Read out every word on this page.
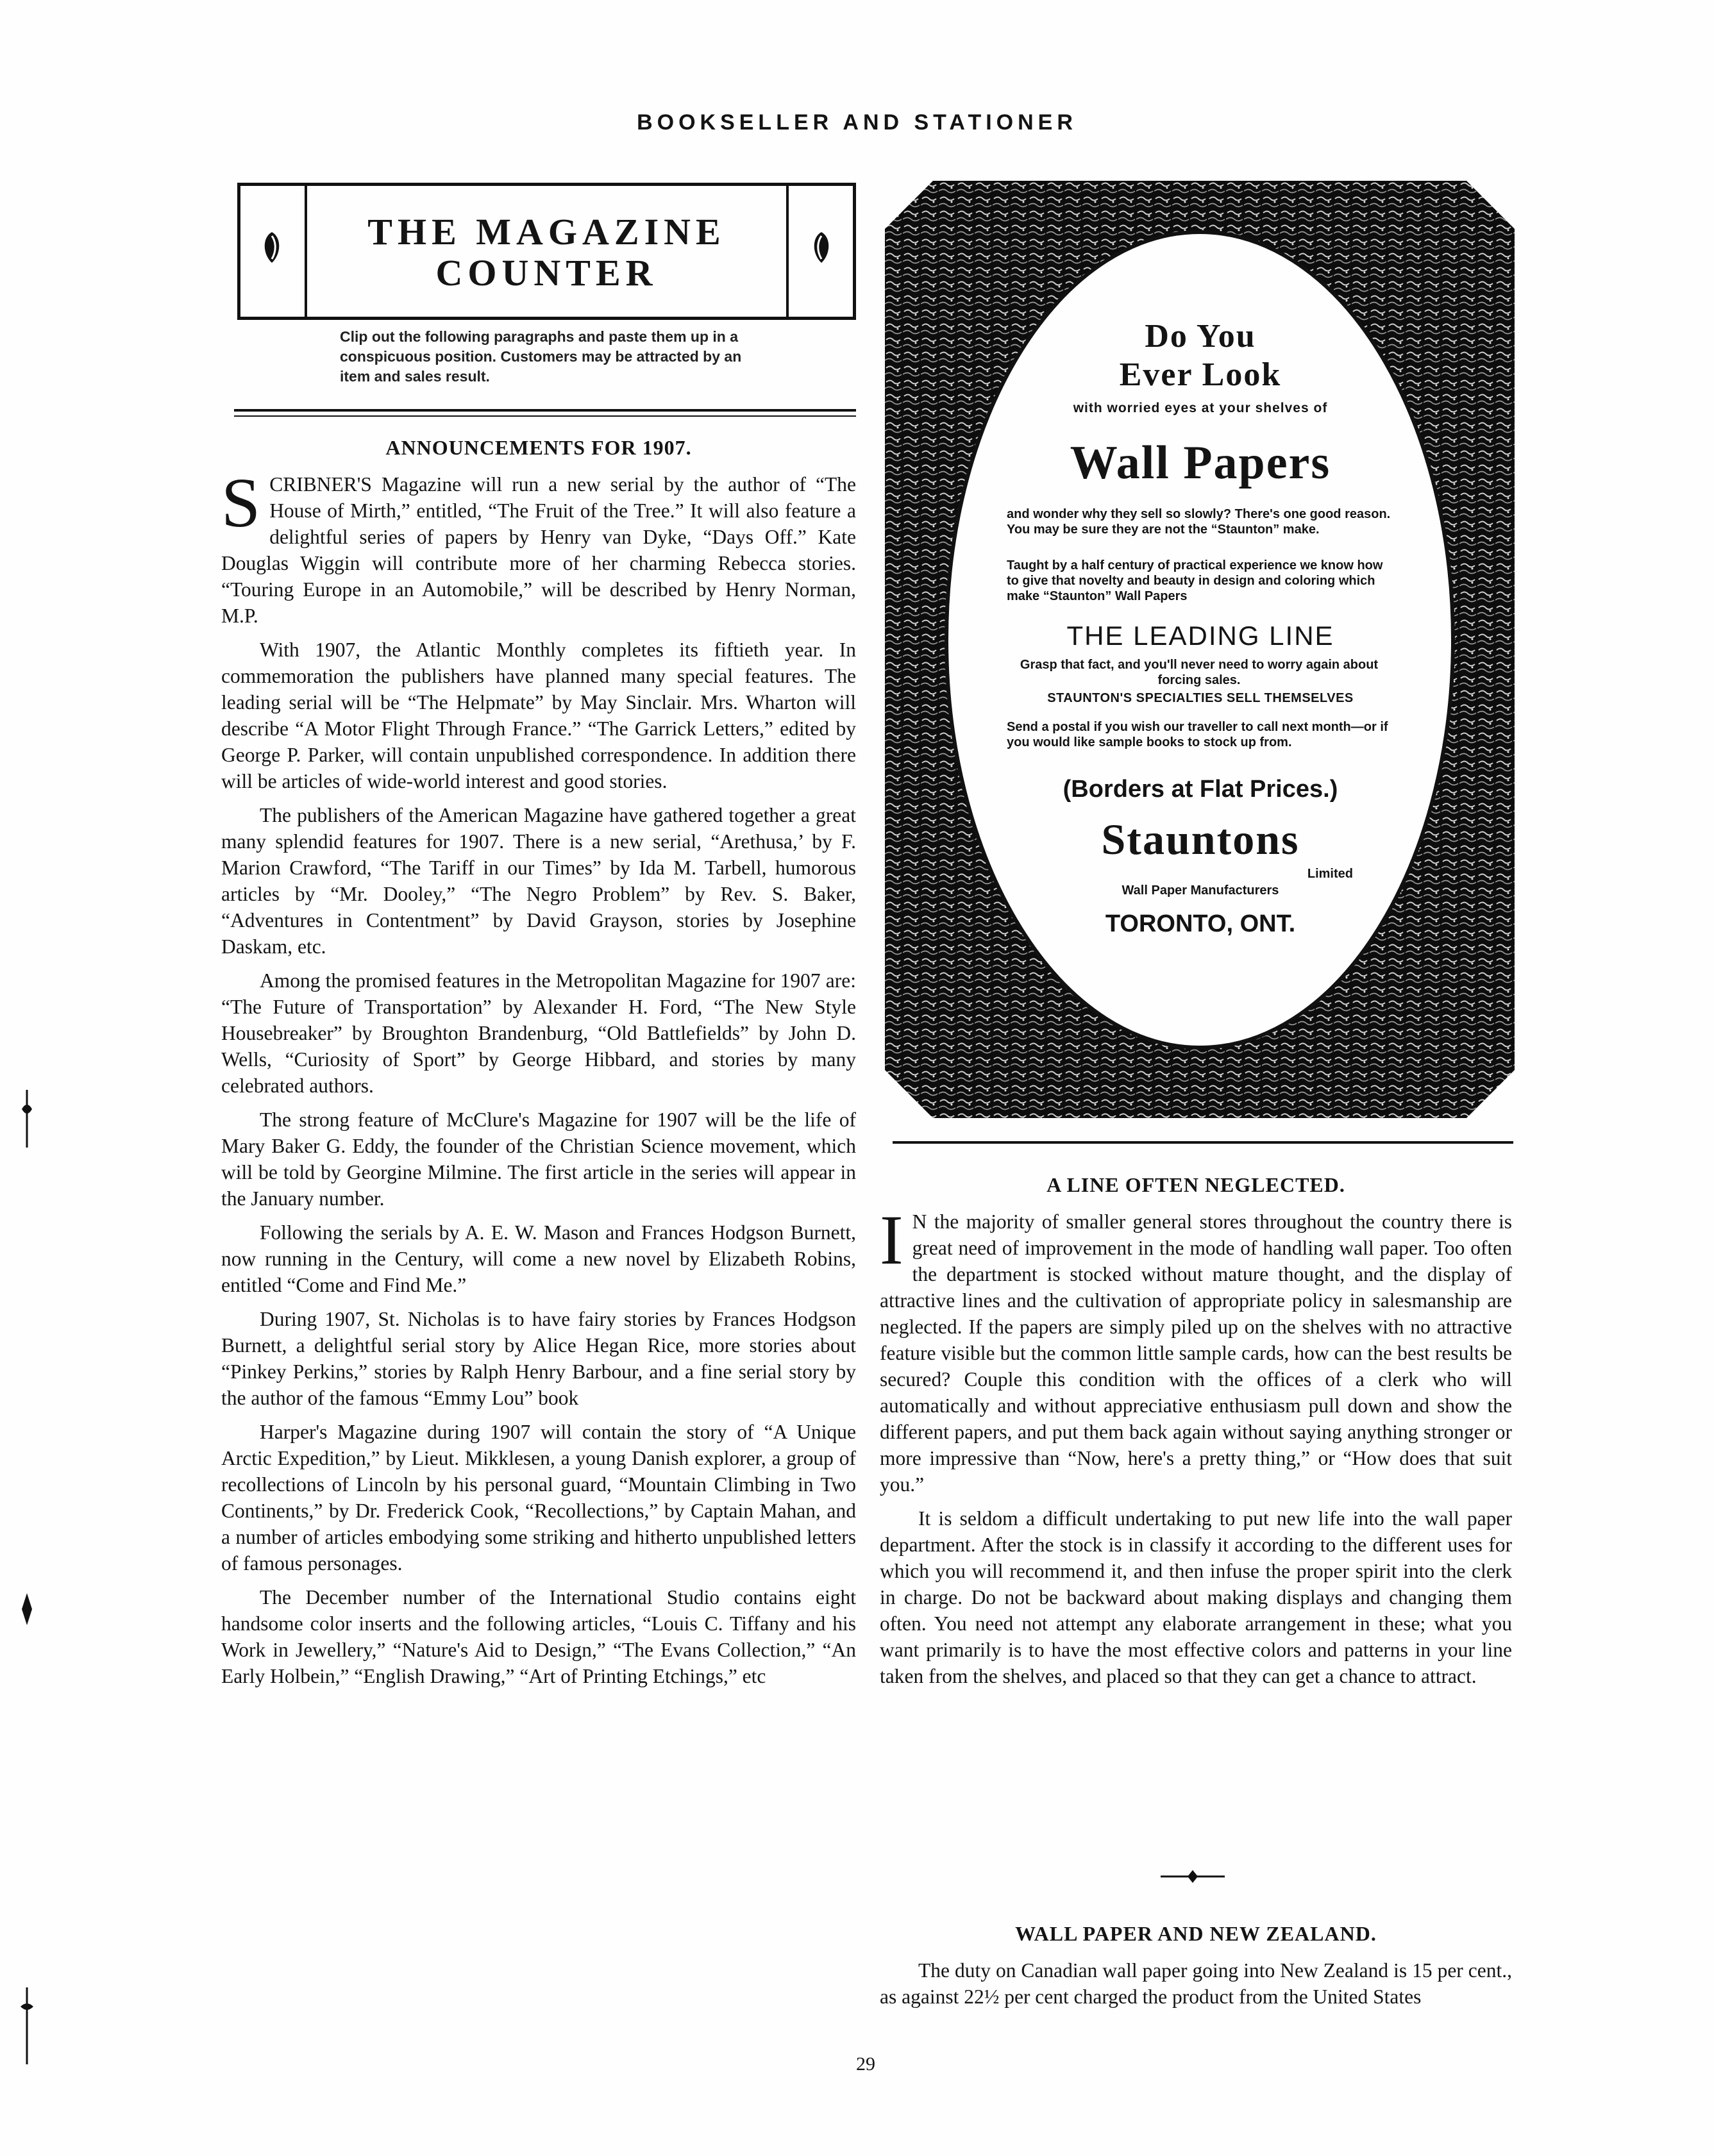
BOOKSELLER AND STATIONER
THE MAGAZINE
COUNTER
Clip out the following paragraphs and paste them up in a conspicuous position. Customers may be attracted by an item and sales result.
ANNOUNCEMENTS FOR 1907.

SCRIBNER'S Magazine will run a new serial by the author of “The House of Mirth,” entitled, “The Fruit of the Tree.” It will also feature a delightful series of papers by Henry van Dyke, “Days Off.” Kate Douglas Wiggin will contribute more of her charming Rebecca stories. “Touring Europe in an Automobile,” will be described by Henry Norman, M.P.

With 1907, the Atlantic Monthly completes its fiftieth year. In commemoration the publishers have planned many special features. The leading serial will be “The Helpmate” by May Sinclair. Mrs. Wharton will describe “A Motor Flight Through France.” “The Garrick Letters,” edited by George P. Parker, will contain unpublished correspondence. In addition there will be articles of wide-world interest and good stories.

The publishers of the American Magazine have gathered together a great many splendid features for 1907. There is a new serial, “Arethusa,’ by F. Marion Crawford, “The Tariff in our Times” by Ida M. Tarbell, humorous articles by “Mr. Dooley,” “The Negro Problem” by Rev. S. Baker, “Adventures in Contentment” by David Grayson, stories by Josephine Daskam, etc.

Among the promised features in the Metropolitan Magazine for 1907 are: “The Future of Transportation” by Alexander H. Ford, “The New Style Housebreaker” by Broughton Brandenburg, “Old Battlefields” by John D. Wells, “Curiosity of Sport” by George Hibbard, and stories by many celebrated authors.

The strong feature of McClure's Magazine for 1907 will be the life of Mary Baker G. Eddy, the founder of the Christian Science movement, which will be told by Georgine Milmine. The first article in the series will appear in the January number.

Following the serials by A. E. W. Mason and Frances Hodgson Burnett, now running in the Century, will come a new novel by Elizabeth Robins, entitled “Come and Find Me.”

During 1907, St. Nicholas is to have fairy stories by Frances Hodgson Burnett, a delightful serial story by Alice Hegan Rice, more stories about “Pinkey Perkins,” stories by Ralph Henry Barbour, and a fine serial story by the author of the famous “Emmy Lou” book

Harper's Magazine during 1907 will contain the story of “A Unique Arctic Expedition,” by Lieut. Mikklesen, a young Danish explorer, a group of recollections of Lincoln by his personal guard, “Mountain Climbing in Two Continents,” by Dr. Frederick Cook, “Recollections,” by Captain Mahan, and a number of articles embodying some striking and hitherto unpublished letters of famous personages.

The December number of the International Studio contains eight handsome color inserts and the following articles, “Louis C. Tiffany and his Work in Jewellery,” “Nature's Aid to Design,” “The Evans Collection,” “An Early Holbein,” “English Drawing,” “Art of Printing Etchings,” etc

Do You
Ever Look
with worried eyes at your shelves of
Wall Papers
and wonder why they sell so slowly? There's one good reason. You may be sure they are not the “Staunton” make.
Taught by a half century of practical experience we know how to give that novelty and beauty in design and coloring which make “Staunton” Wall Papers
THE LEADING LINE
Grasp that fact, and you'll never need to worry again about forcing sales.
STAUNTON'S SPECIALTIES SELL THEMSELVES
Send a postal if you wish our traveller to call next month—or if you would like sample books to stock up from.
(Borders at Flat Prices.)
Stauntons
Limited
Wall Paper Manufacturers
TORONTO, ONT.
A LINE OFTEN NEGLECTED.

I N the majority of smaller general stores throughout the country there is great need of improvement in the mode of handling wall paper. Too often the department is stocked without mature thought, and the display of attractive lines and the cultivation of appropriate policy in salesmanship are neglected. If the papers are simply piled up on the shelves with no attractive feature visible but the common little sample cards, how can the best results be secured? Couple this condition with the offices of a clerk who will automatically and without appreciative enthusiasm pull down and show the different papers, and put them back again without saying anything stronger or more impressive than “Now, here's a pretty thing,” or “How does that suit you.”

It is seldom a difficult undertaking to put new life into the wall paper department. After the stock is in classify it according to the different uses for which you will recommend it, and then infuse the proper spirit into the clerk in charge. Do not be backward about making displays and changing them often. You need not attempt any elaborate arrangement in these; what you want primarily is to have the most effective colors and patterns in your line taken from the shelves, and placed so that they can get a chance to attract.

WALL PAPER AND NEW ZEALAND.

The duty on Canadian wall paper going into New Zealand is 15 per cent., as against 22½ per cent charged the product from the United States

29
